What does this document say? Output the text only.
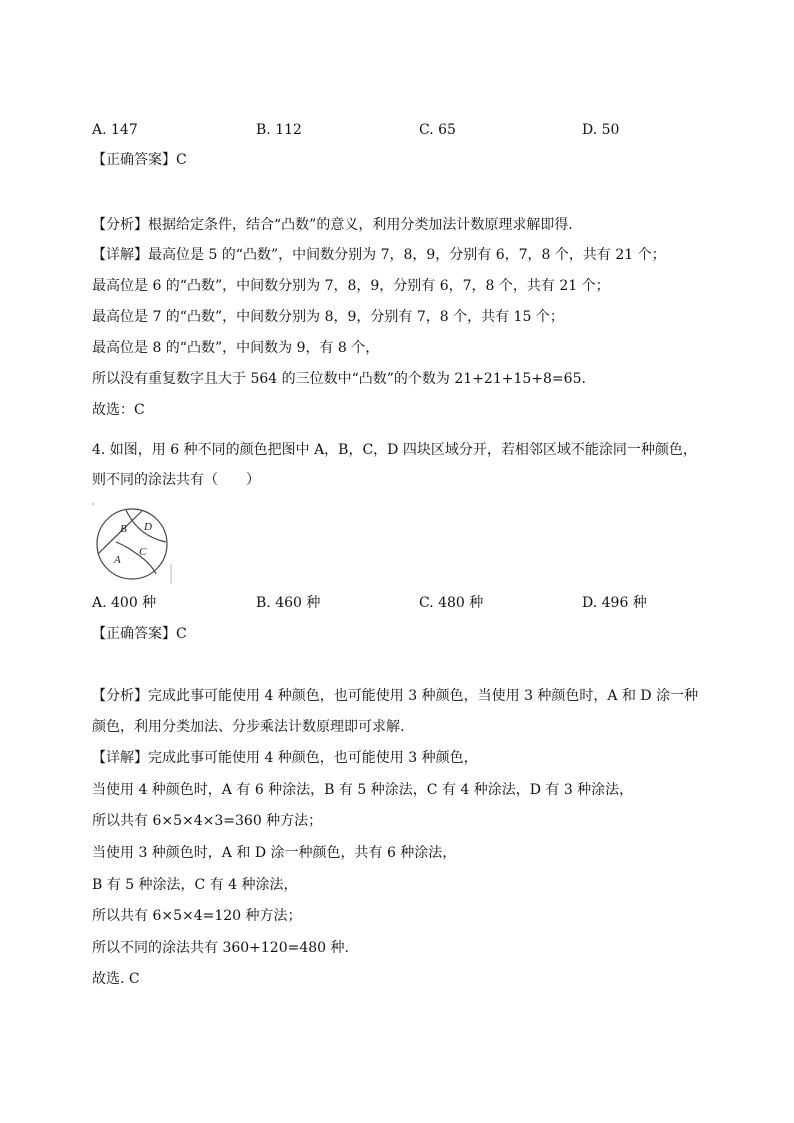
A. 147	B. 112	C. 65	D. 50
【正确答案】C
【分析】根据给定条件，结合“凸数”的意义，利用分类加法计数原理求解即得.
【详解】最高位是 5 的“凸数”，中间数分别为 7，8，9，分别有 6，7，8 个，共有 21 个；
最高位是 6 的“凸数”，中间数分别为 7，8，9，分别有 6，7，8 个，共有 21 个；
最高位是 7 的“凸数”，中间数分别为 8，9，分别有 7，8 个，共有 15 个；
最高位是 8 的“凸数”，中间数为 9，有 8 个，
所以没有重复数字且大于 564 的三位数中“凸数”的个数为 21+21+15+8=65.
故选：C
4. 如图，用 6 种不同的颜色把图中 A，B，C，D 四块区域分开，若相邻区域不能涂同一种颜色，
则不同的涂法共有（　　）
B D
A
C
A. 400 种	B. 460 种	C. 480 种	D. 496 种
【正确答案】C
【分析】完成此事可能使用 4 种颜色，也可能使用 3 种颜色，当使用 3 种颜色时，A 和 D 涂一种
颜色，利用分类加法、分步乘法计数原理即可求解.
【详解】完成此事可能使用 4 种颜色，也可能使用 3 种颜色，
当使用 4 种颜色时，A 有 6 种涂法，B 有 5 种涂法，C 有 4 种涂法，D 有 3 种涂法，
所以共有 6×5×4×3=360 种方法；
当使用 3 种颜色时，A 和 D 涂一种颜色，共有 6 种涂法，
B 有 5 种涂法，C 有 4 种涂法，
所以共有 6×5×4=120 种方法；
所以不同的涂法共有 360+120=480 种.
故选. C
